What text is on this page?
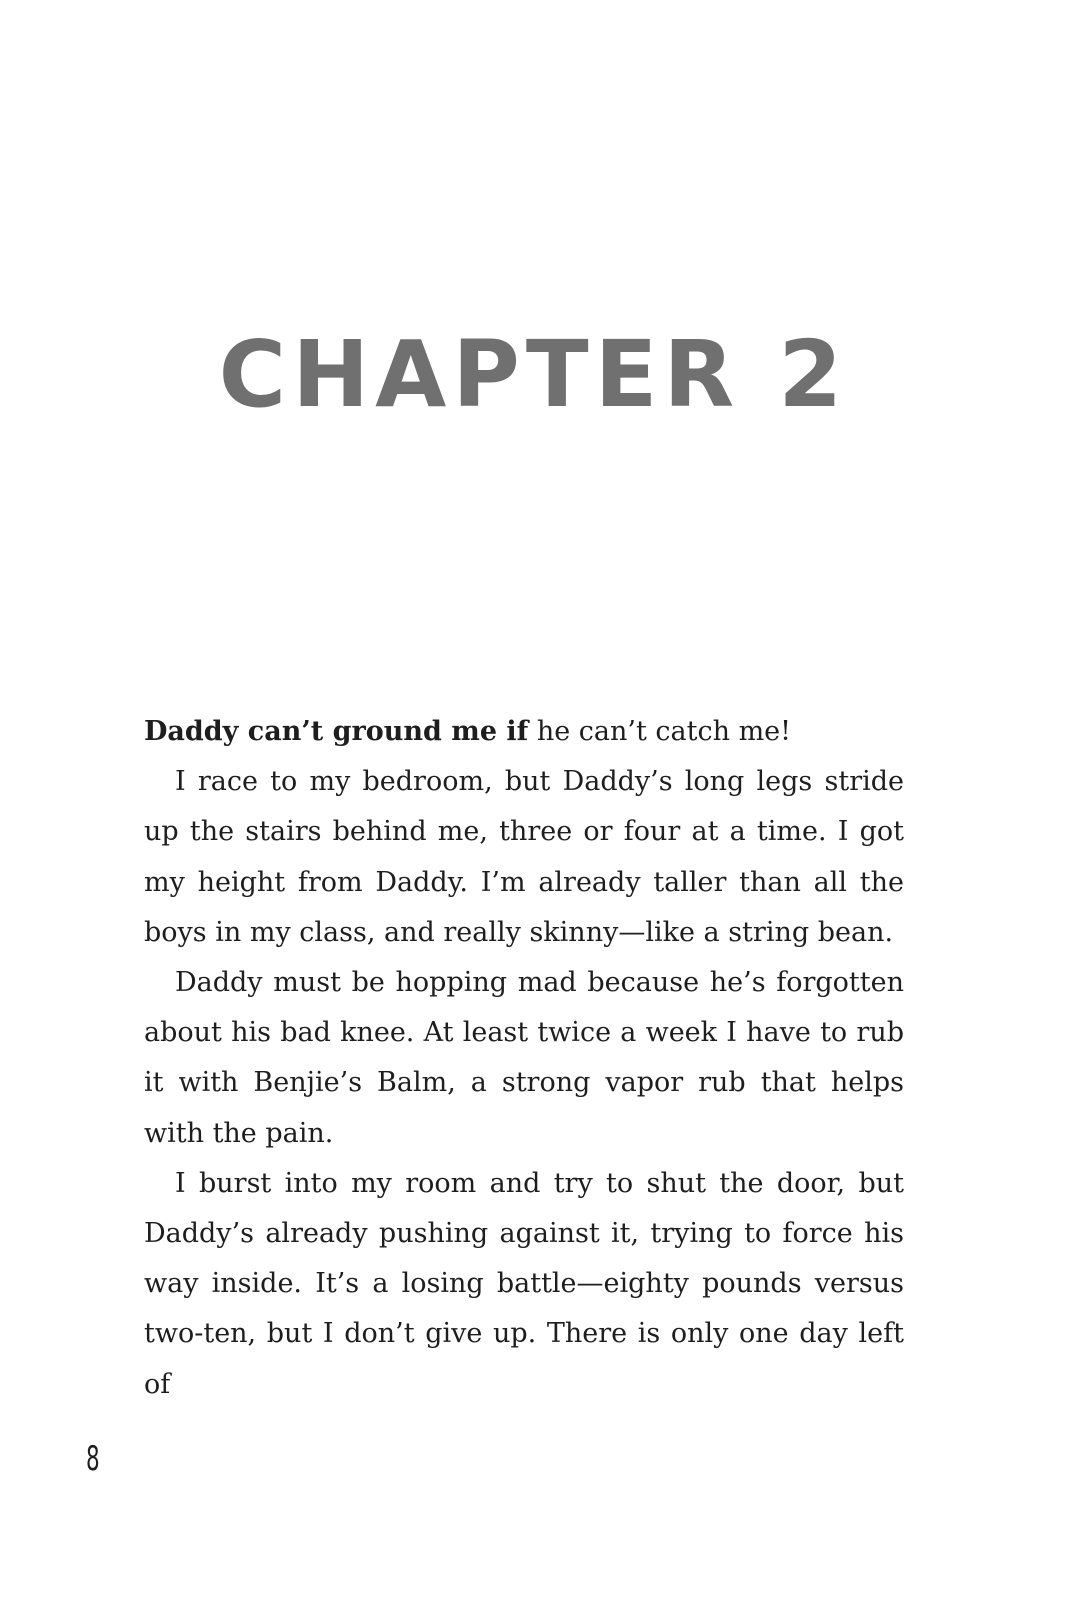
CHAPTER 2

Daddy can’t ground me if he can’t catch me!

I race to my bedroom, but Daddy’s long legs stride up the stairs behind me, three or four at a time. I got my height from Daddy. I’m already taller than all the boys in my class, and really skinny—like a string bean.

Daddy must be hopping mad because he’s forgotten about his bad knee. At least twice a week I have to rub it with Benjie’s Balm, a strong vapor rub that helps with the pain.

I burst into my room and try to shut the door, but Daddy’s already pushing against it, trying to force his way inside. It’s a losing battle—eighty pounds versus two-ten, but I don’t give up. There is only one day left of

8
